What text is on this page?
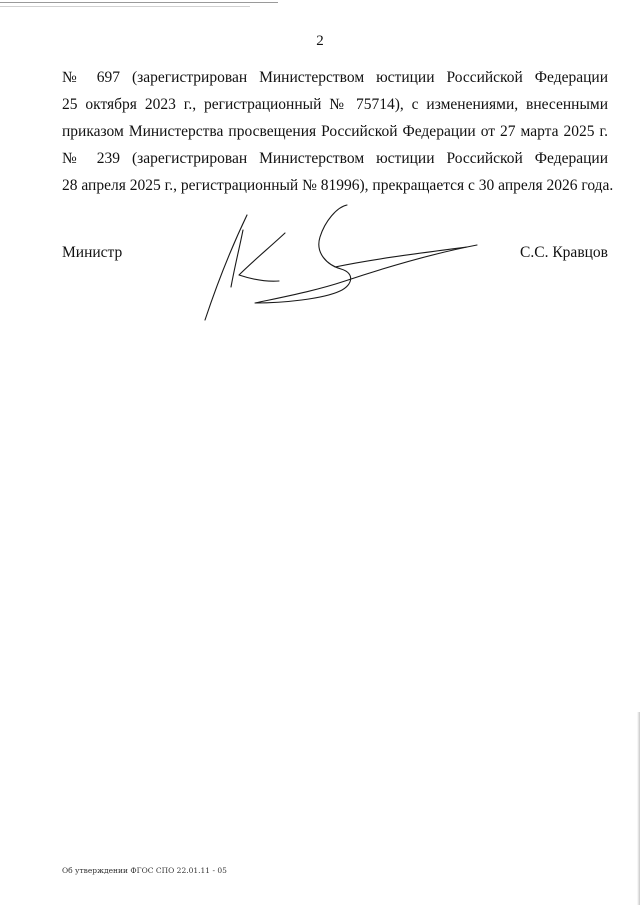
2
№ 697 (зарегистрирован Министерством юстиции Российской Федерации
25 октября 2023 г., регистрационный № 75714), с изменениями, внесенными
приказом Министерства просвещения Российской Федерации от 27 марта 2025 г.
№ 239 (зарегистрирован Министерством юстиции Российской Федерации
28 апреля 2025 г., регистрационный № 81996), прекращается с 30 апреля 2026 года.
Министр	С.С. Кравцов
Об утверждении ФГОС СПО 22.01.11 - 05
